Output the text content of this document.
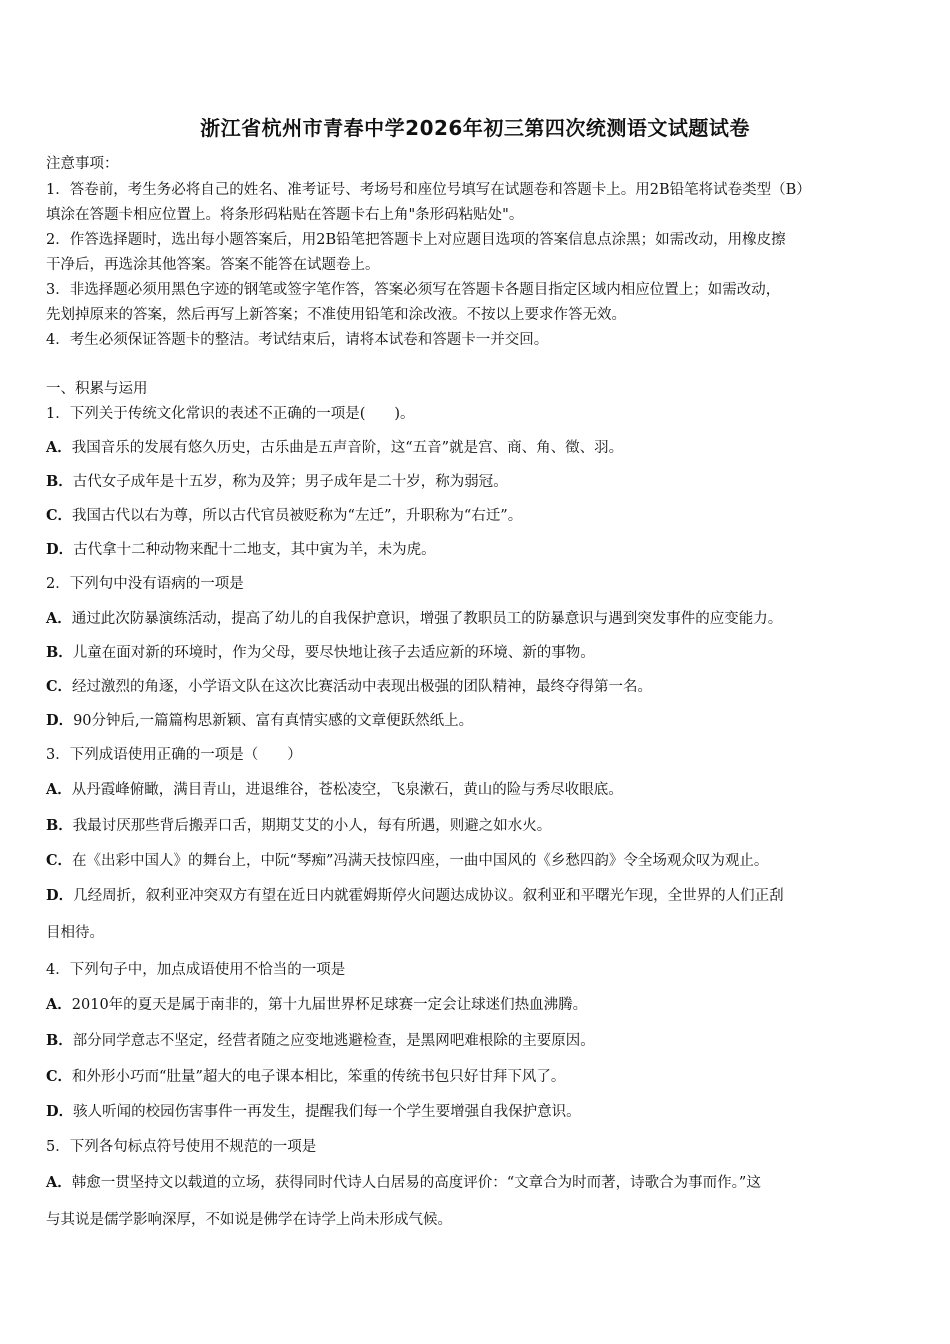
浙江省杭州市青春中学2026年初三第四次统测语文试题试卷
注意事项：
1．答卷前，考生务必将自己的姓名、准考证号、考场号和座位号填写在试题卷和答题卡上。用2B铅笔将试卷类型（B）
填涂在答题卡相应位置上。将条形码粘贴在答题卡右上角"条形码粘贴处"。
2．作答选择题时，选出每小题答案后，用2B铅笔把答题卡上对应题目选项的答案信息点涂黑；如需改动，用橡皮擦
干净后，再选涂其他答案。答案不能答在试题卷上。
3．非选择题必须用黑色字迹的钢笔或签字笔作答，答案必须写在答题卡各题目指定区域内相应位置上；如需改动，
先划掉原来的答案，然后再写上新答案；不准使用铅笔和涂改液。不按以上要求作答无效。
4．考生必须保证答题卡的整洁。考试结束后，请将本试卷和答题卡一并交回。
一、积累与运用
1．下列关于传统文化常识的表述不正确的一项是(　　)。
A．我国音乐的发展有悠久历史，古乐曲是五声音阶，这“五音”就是宫、商、角、徵、羽。
B．古代女子成年是十五岁，称为及笄；男子成年是二十岁，称为弱冠。
C．我国古代以右为尊，所以古代官员被贬称为“左迁”，升职称为“右迁”。
D．古代拿十二种动物来配十二地支，其中寅为羊，未为虎。
2．下列句中没有语病的一项是
A．通过此次防暴演练活动，提高了幼儿的自我保护意识，增强了教职员工的防暴意识与遇到突发事件的应变能力。
B．儿童在面对新的环境时，作为父母，要尽快地让孩子去适应新的环境、新的事物。
C．经过激烈的角逐，小学语文队在这次比赛活动中表现出极强的团队精神，最终夺得第一名。
D．90分钟后,一篇篇构思新颖、富有真情实感的文章便跃然纸上。
3．下列成语使用正确的一项是（　　）
A．从丹霞峰俯瞰，满目青山，进退维谷，苍松凌空，飞泉漱石，黄山的险与秀尽收眼底。
B．我最讨厌那些背后搬弄口舌，期期艾艾的小人，每有所遇，则避之如水火。
C．在《出彩中国人》的舞台上，中阮“琴痴”冯满天技惊四座，一曲中国风的《乡愁四韵》令全场观众叹为观止。
D．几经周折，叙利亚冲突双方有望在近日内就霍姆斯停火问题达成协议。叙利亚和平曙光乍现，全世界的人们正刮
目相待。
4．下列句子中，加点成语使用不恰当的一项是
A．2010年的夏天是属于南非的，第十九届世界杯足球赛一定会让球迷们热血沸腾。
B．部分同学意志不坚定，经营者随之应变地逃避检查，是黑网吧难根除的主要原因。
C．和外形小巧而“肚量”超大的电子课本相比，笨重的传统书包只好甘拜下风了。
D．骇人听闻的校园伤害事件一再发生，提醒我们每一个学生要增强自我保护意识。
5．下列各句标点符号使用不规范的一项是
A．韩愈一贯坚持文以载道的立场，获得同时代诗人白居易的高度评价：“文章合为时而著，诗歌合为事而作。”这
与其说是儒学影响深厚，不如说是佛学在诗学上尚未形成气候。
